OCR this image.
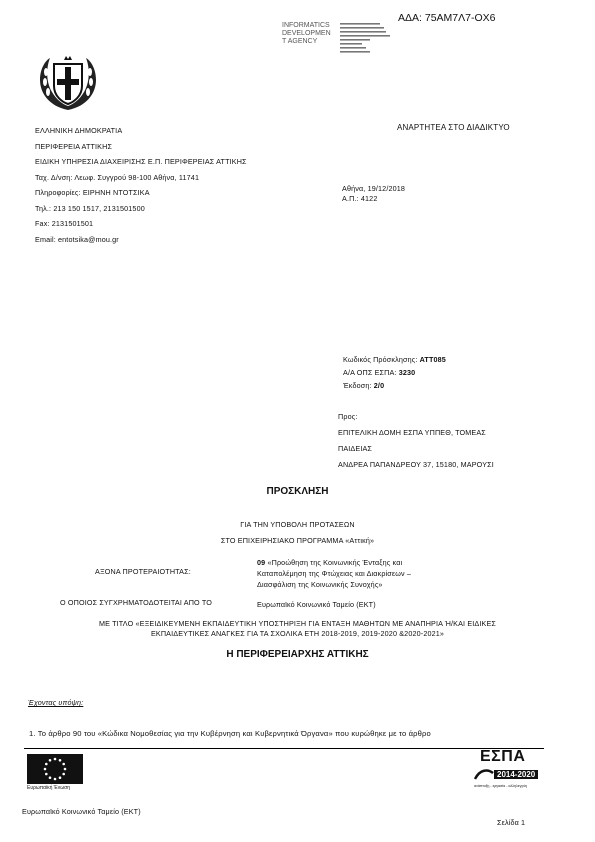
ΑΔΑ: 75ΑΜ7Λ7-ΟΧ6
INFORMATICS
DEVELOPMEN
T AGENCY
ΕΛΛΗΝΙΚΗ ΔΗΜΟΚΡΑΤΙΑ
ΠΕΡΙΦΕΡΕΙΑ ΑΤΤΙΚΗΣ
ΕΙΔΙΚΗ ΥΠΗΡΕΣΙΑ ΔΙΑΧΕΙΡΙΣΗΣ Ε.Π. ΠΕΡΙΦΕΡΕΙΑΣ ΑΤΤΙΚΗΣ
Ταχ. Δ/νση: Λεωφ. Συγγρού 98-100 Αθήνα, 11741
Πληροφορίες: ΕΙΡΗΝΗ ΝΤΟΤΣΙΚΑ
Τηλ.: 213 150 1517, 2131501500
Fax: 2131501501
Email: entotsika@mou.gr
ΑΝΑΡΤΗΤΕΑ ΣΤΟ ΔΙΑΔΙΚΤΥΟ
Αθήνα, 19/12/2018
Α.Π.: 4122
Κωδικός Πρόσκλησης: ΑΤΤ085
Α/Α ΟΠΣ ΕΣΠΑ: 3230
Έκδοση: 2/0
Προς:
ΕΠΙΤΕΛΙΚΗ ΔΟΜΗ ΕΣΠΑ ΥΠΠΕΘ, ΤΟΜΕΑΣ
ΠΑΙΔΕΙΑΣ
ΑΝΔΡΕΑ ΠΑΠΑΝΔΡΕΟΥ 37, 15180, ΜΑΡΟΥΣΙ
ΠΡΟΣΚΛΗΣΗ
ΓΙΑ ΤΗΝ ΥΠΟΒΟΛΗ ΠΡΟΤΑΣΕΩΝ
ΣΤΟ ΕΠΙΧΕΙΡΗΣΙΑΚΟ ΠΡΟΓΡΑΜΜΑ «Αττική»
ΑΞΟΝΑ ΠΡΟΤΕΡΑΙΟΤΗΤΑΣ:
09 «Προώθηση της Κοινωνικής Ένταξης και
Καταπολέμηση της Φτώχειας και Διακρίσεων –
Διασφάλιση της Κοινωνικής Συνοχής»
Ο ΟΠΟΙΟΣ ΣΥΓΧΡΗΜΑΤΟΔΟΤΕΙΤΑΙ ΑΠΟ ΤΟ	Ευρωπαϊκό Κοινωνικό Ταμείο (ΕΚΤ)
ΜΕ ΤΙΤΛΟ «ΕΞΕΙΔΙΚΕΥΜΕΝΗ ΕΚΠΑΙΔΕΥΤΙΚΗ ΥΠΟΣΤΗΡΙΞΗ ΓΙΑ ΕΝΤΑΞΗ ΜΑΘΗΤΩΝ ΜΕ ΑΝΑΠΗΡΙΑ Ή/ΚΑΙ ΕΙΔΙΚΕΣ
ΕΚΠΑΙΔΕΥΤΙΚΕΣ ΑΝΑΓΚΕΣ ΓΙΑ ΤΑ ΣΧΟΛΙΚΑ ΕΤΗ 2018-2019, 2019-2020 &2020-2021»
Η ΠΕΡΙΦΕΡΕΙΑΡΧΗΣ ΑΤΤΙΚΗΣ
Έχοντας υπόψη:
1. Το άρθρο 90 του «Κώδικα Νομοθεσίας για την Κυβέρνηση και Κυβερνητικά Όργανα» που κυρώθηκε με το άρθρο
Ευρωπαϊκή Ένωση
ΕΣΠΑ
2014-2020
ανάπτυξη - εργασία - αλληλεγγύη
Ευρωπαϊκό Κοινωνικό Ταμείο (ΕΚΤ)
Σελίδα 1
